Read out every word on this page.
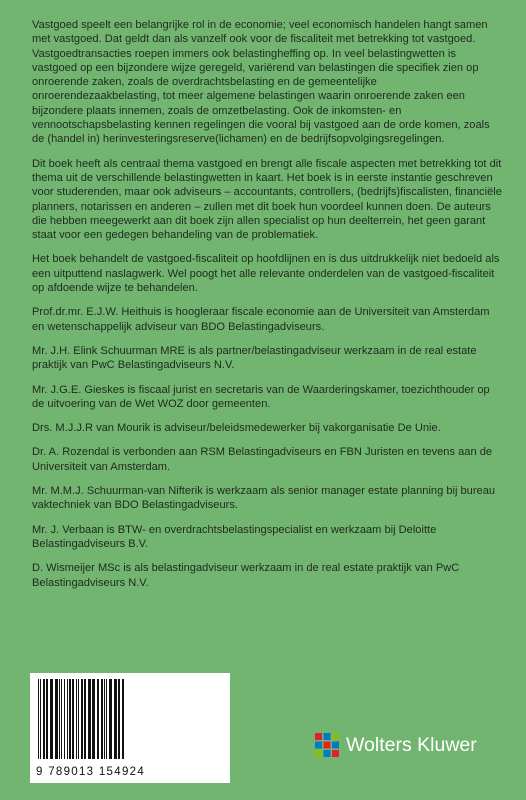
Vastgoed speelt een belangrijke rol in de economie; veel economisch handelen hangt samen met vastgoed. Dat geldt dan als vanzelf ook voor de fiscaliteit met betrekking tot vastgoed. Vastgoedtransacties roepen immers ook belastingheffing op. In veel belastingwetten is vastgoed op een bijzondere wijze geregeld, variërend van belastingen die specifiek zien op onroerende zaken, zoals de overdrachtsbelasting en de gemeentelijke onroerendezaakbelasting, tot meer algemene belastingen waarin onroerende zaken een bijzondere plaats innemen, zoals de omzetbelasting. Ook de inkomsten- en vennootschapsbelasting kennen regelingen die vooral bij vastgoed aan de orde komen, zoals de (handel in) herinvesteringsreserve(lichamen) en de bedrijfsopvolgingsregelingen.

Dit boek heeft als centraal thema vastgoed en brengt alle fiscale aspecten met betrekking tot dit thema uit de verschillende belastingwetten in kaart. Het boek is in eerste instantie geschreven voor studerenden, maar ook adviseurs – accountants, controllers, (bedrijfs)fiscalisten, financiële planners, notarissen en anderen – zullen met dit boek hun voordeel kunnen doen. De auteurs die hebben meegewerkt aan dit boek zijn allen specialist op hun deelterrein, het geen garant staat voor een gedegen behandeling van de problematiek.

Het boek behandelt de vastgoed-fiscaliteit op hoofdlijnen en is dus uitdrukkelijk niet bedoeld als een uitputtend naslagwerk. Wel poogt het alle relevante onderdelen van de vastgoed-fiscaliteit op afdoende wijze te behandelen.

Prof.dr.mr. E.J.W. Heithuis is hoogleraar fiscale economie aan de Universiteit van Amsterdam en wetenschappelijk adviseur van BDO Belastingadviseurs.

Mr. J.H. Elink Schuurman MRE is als partner/belastingadviseur werkzaam in de real estate praktijk van PwC Belastingadviseurs N.V.

Mr. J.G.E. Gieskes is fiscaal jurist en secretaris van de Waarderingskamer, toezichthouder op de uitvoering van de Wet WOZ door gemeenten.

Drs. M.J.J.R van Mourik is adviseur/beleidsmedewerker bij vakorganisatie De Unie.

Dr. A. Rozendal is verbonden aan RSM Belastingadviseurs en FBN Juristen en tevens aan de Universiteit van Amsterdam.

Mr. M.M.J. Schuurman-van Nifterik is werkzaam als senior manager estate planning bij bureau vaktechniek van BDO Belastingadviseurs.

Mr. J. Verbaan is BTW- en overdrachtsbelastingspecialist en werkzaam bij Deloitte Belastingadviseurs B.V.

D. Wismeijer MSc is als belastingadviseur werkzaam in de real estate praktijk van PwC Belastingadviseurs N.V.

9 789013 154924
Wolters Kluwer
